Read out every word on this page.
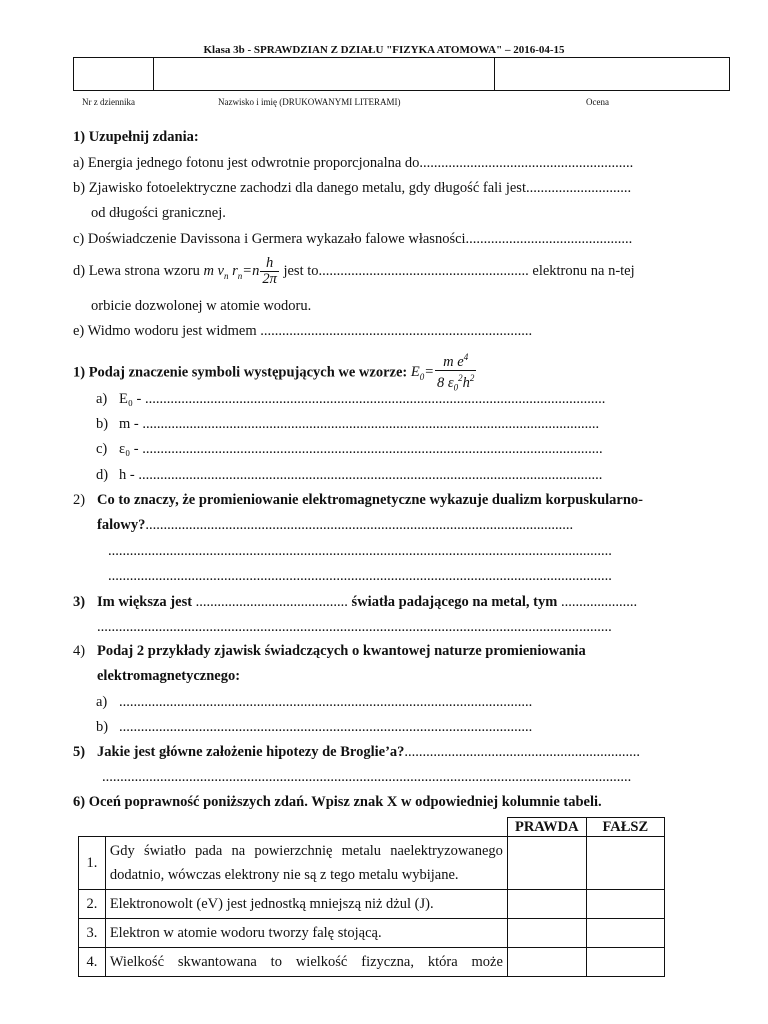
Klasa 3b - SPRAWDZIAN Z DZIAŁU "FIZYKA ATOMOWA" – 2016-04-15
Nr z dziennika	Nazwisko i imię (DRUKOWANYMI LITERAMI)	Ocena
1) Uzupełnij zdania:
a) Energia jednego fotonu jest odwrotnie proporcjonalna do...........................................................
b) Zjawisko fotoelektryczne zachodzi dla danego metalu, gdy długość fali jest.............................
od długości granicznej.
c) Doświadczenie Davissona i Germera wykazało falowe własności..............................................
d) Lewa strona wzoru m $v_n$ $r_n=n \frac{h}{2\pi}$ jest to.......................................................... elektronu na n-tej
orbicie dozwolonej w atomie wodoru.
e) Widmo wodoru jest widmem ...........................................................................
1) Podaj znaczenie symboli występujących we wzorze: $E_0= \frac{m e^4}{8 \varepsilon_0^2h^2}$
a) E₀ - ...............................................................................................................................
b) m - ..............................................................................................................................
c) ε₀ - ...............................................................................................................................
d) h - ................................................................................................................................
2) Co to znaczy, że promieniowanie elektromagnetyczne wykazuje dualizm korpuskularno-
falowy?......................................................................................................................
...........................................................................................................................................
...........................................................................................................................................
3) Im większa jest .......................................... światła padającego na metal, tym .....................
..............................................................................................................................................
4) Podaj 2 przykłady zjawisk świadczących o kwantowej naturze promieniowania
elektromagnetycznego:
a) ..................................................................................................................
b) ..................................................................................................................
5) Jakie jest główne założenie hipotezy de Broglie’a?.................................................................
..................................................................................................................................................
6) Oceń poprawność poniższych zdań. Wpisz znak X w odpowiedniej kolumnie tabeli.
		PRAWDA	FAŁSZ
1.	Gdy światło pada na powierzchnię metalu naelektryzowanego dodatnio, wówczas elektrony nie są z tego metalu wybijane.		
2.	Elektronowolt (eV) jest jednostką mniejszą niż dżul (J).		
3.	Elektron w atomie wodoru tworzy falę stojącą.		
4.	Wielkość skwantowana to wielkość fizyczna, która może		
